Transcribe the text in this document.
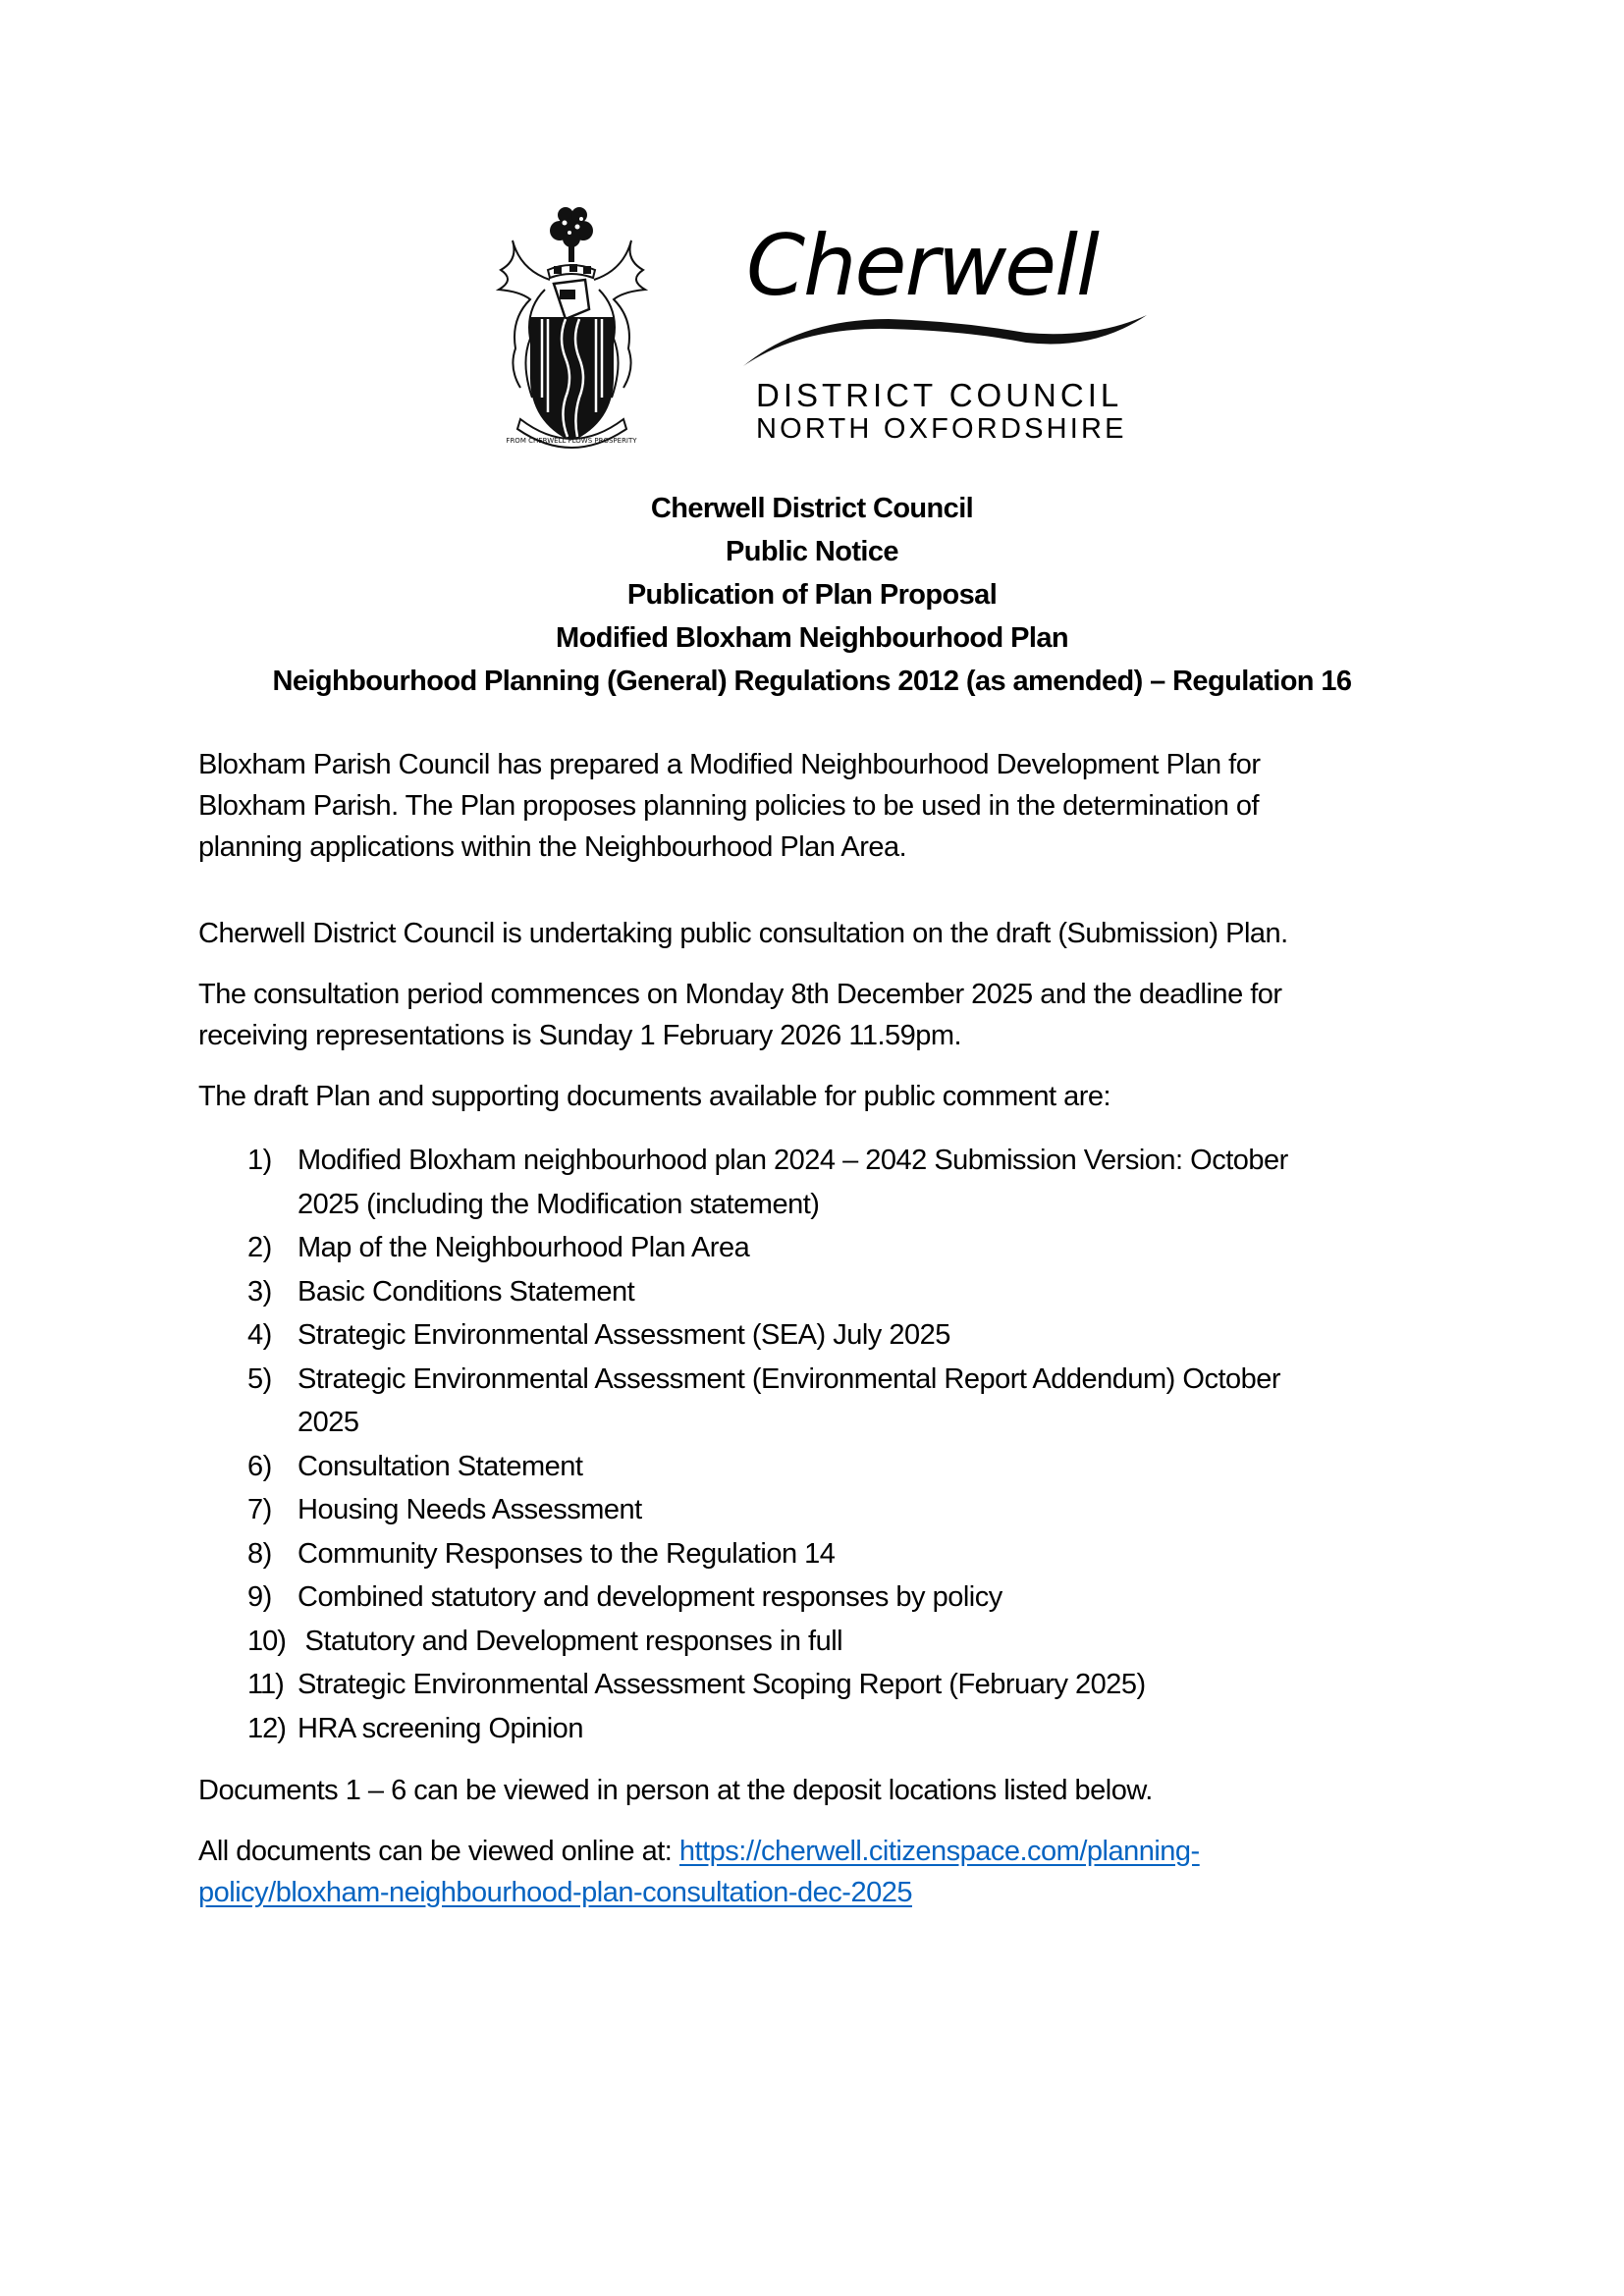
FROM CHERWELL FLOWS PROSPERITY
Cherwell
DISTRICT COUNCIL
NORTH OXFORDSHIRE
Cherwell District Council
Public Notice
Publication of Plan Proposal
Modified Bloxham Neighbourhood Plan
Neighbourhood Planning (General) Regulations 2012 (as amended) – Regulation 16

Bloxham Parish Council has prepared a Modified Neighbourhood Development Plan for
Bloxham Parish. The Plan proposes planning policies to be used in the determination of
planning applications within the Neighbourhood Plan Area.

Cherwell District Council is undertaking public consultation on the draft (Submission) Plan.

The consultation period commences on Monday 8th December 2025 and the deadline for
receiving representations is Sunday 1 February 2026 11.59pm.

The draft Plan and supporting documents available for public comment are:

1) Modified Bloxham neighbourhood plan 2024 – 2042 Submission Version: October
2025 (including the Modification statement)
2) Map of the Neighbourhood Plan Area
3) Basic Conditions Statement
4) Strategic Environmental Assessment (SEA) July 2025
5) Strategic Environmental Assessment (Environmental Report Addendum) October
2025
6) Consultation Statement
7) Housing Needs Assessment
8) Community Responses to the Regulation 14
9) Combined statutory and development responses by policy
10) Statutory and Development responses in full
11) Strategic Environmental Assessment Scoping Report (February 2025)
12) HRA screening Opinion

Documents 1 – 6 can be viewed in person at the deposit locations listed below.

All documents can be viewed online at: https://cherwell.citizenspace.com/planning-
policy/bloxham-neighbourhood-plan-consultation-dec-2025
